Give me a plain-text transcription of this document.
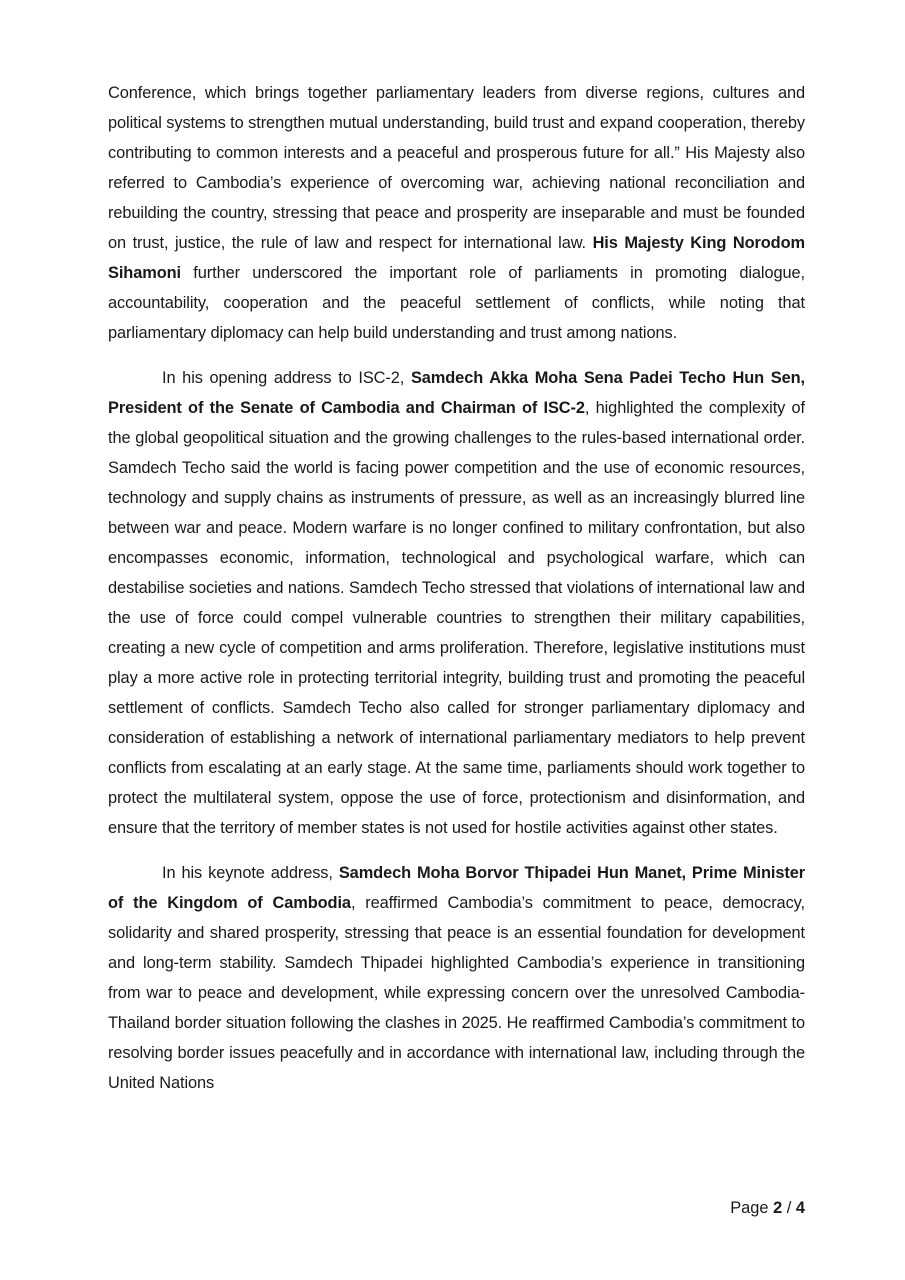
Conference, which brings together parliamentary leaders from diverse regions, cultures and political systems to strengthen mutual understanding, build trust and expand cooperation, thereby contributing to common interests and a peaceful and prosperous future for all.” His Majesty also referred to Cambodia’s experience of overcoming war, achieving national reconciliation and rebuilding the country, stressing that peace and prosperity are inseparable and must be founded on trust, justice, the rule of law and respect for international law. His Majesty King Norodom Sihamoni further underscored the important role of parliaments in promoting dialogue, accountability, cooperation and the peaceful settlement of conflicts, while noting that parliamentary diplomacy can help build understanding and trust among nations.

In his opening address to ISC-2, Samdech Akka Moha Sena Padei Techo Hun Sen, President of the Senate of Cambodia and Chairman of ISC-2, highlighted the complexity of the global geopolitical situation and the growing challenges to the rules-based international order. Samdech Techo said the world is facing power competition and the use of economic resources, technology and supply chains as instruments of pressure, as well as an increasingly blurred line between war and peace. Modern warfare is no longer confined to military confrontation, but also encompasses economic, information, technological and psychological warfare, which can destabilise societies and nations. Samdech Techo stressed that violations of international law and the use of force could compel vulnerable countries to strengthen their military capabilities, creating a new cycle of competition and arms proliferation. Therefore, legislative institutions must play a more active role in protecting territorial integrity, building trust and promoting the peaceful settlement of conflicts. Samdech Techo also called for stronger parliamentary diplomacy and consideration of establishing a network of international parliamentary mediators to help prevent conflicts from escalating at an early stage. At the same time, parliaments should work together to protect the multilateral system, oppose the use of force, protectionism and disinformation, and ensure that the territory of member states is not used for hostile activities against other states.

In his keynote address, Samdech Moha Borvor Thipadei Hun Manet, Prime Minister of the Kingdom of Cambodia, reaffirmed Cambodia’s commitment to peace, democracy, solidarity and shared prosperity, stressing that peace is an essential foundation for development and long-term stability. Samdech Thipadei highlighted Cambodia’s experience in transitioning from war to peace and development, while expressing concern over the unresolved Cambodia-Thailand border situation following the clashes in 2025. He reaffirmed Cambodia’s commitment to resolving border issues peacefully and in accordance with international law, including through the United Nations

Page 2 / 4
